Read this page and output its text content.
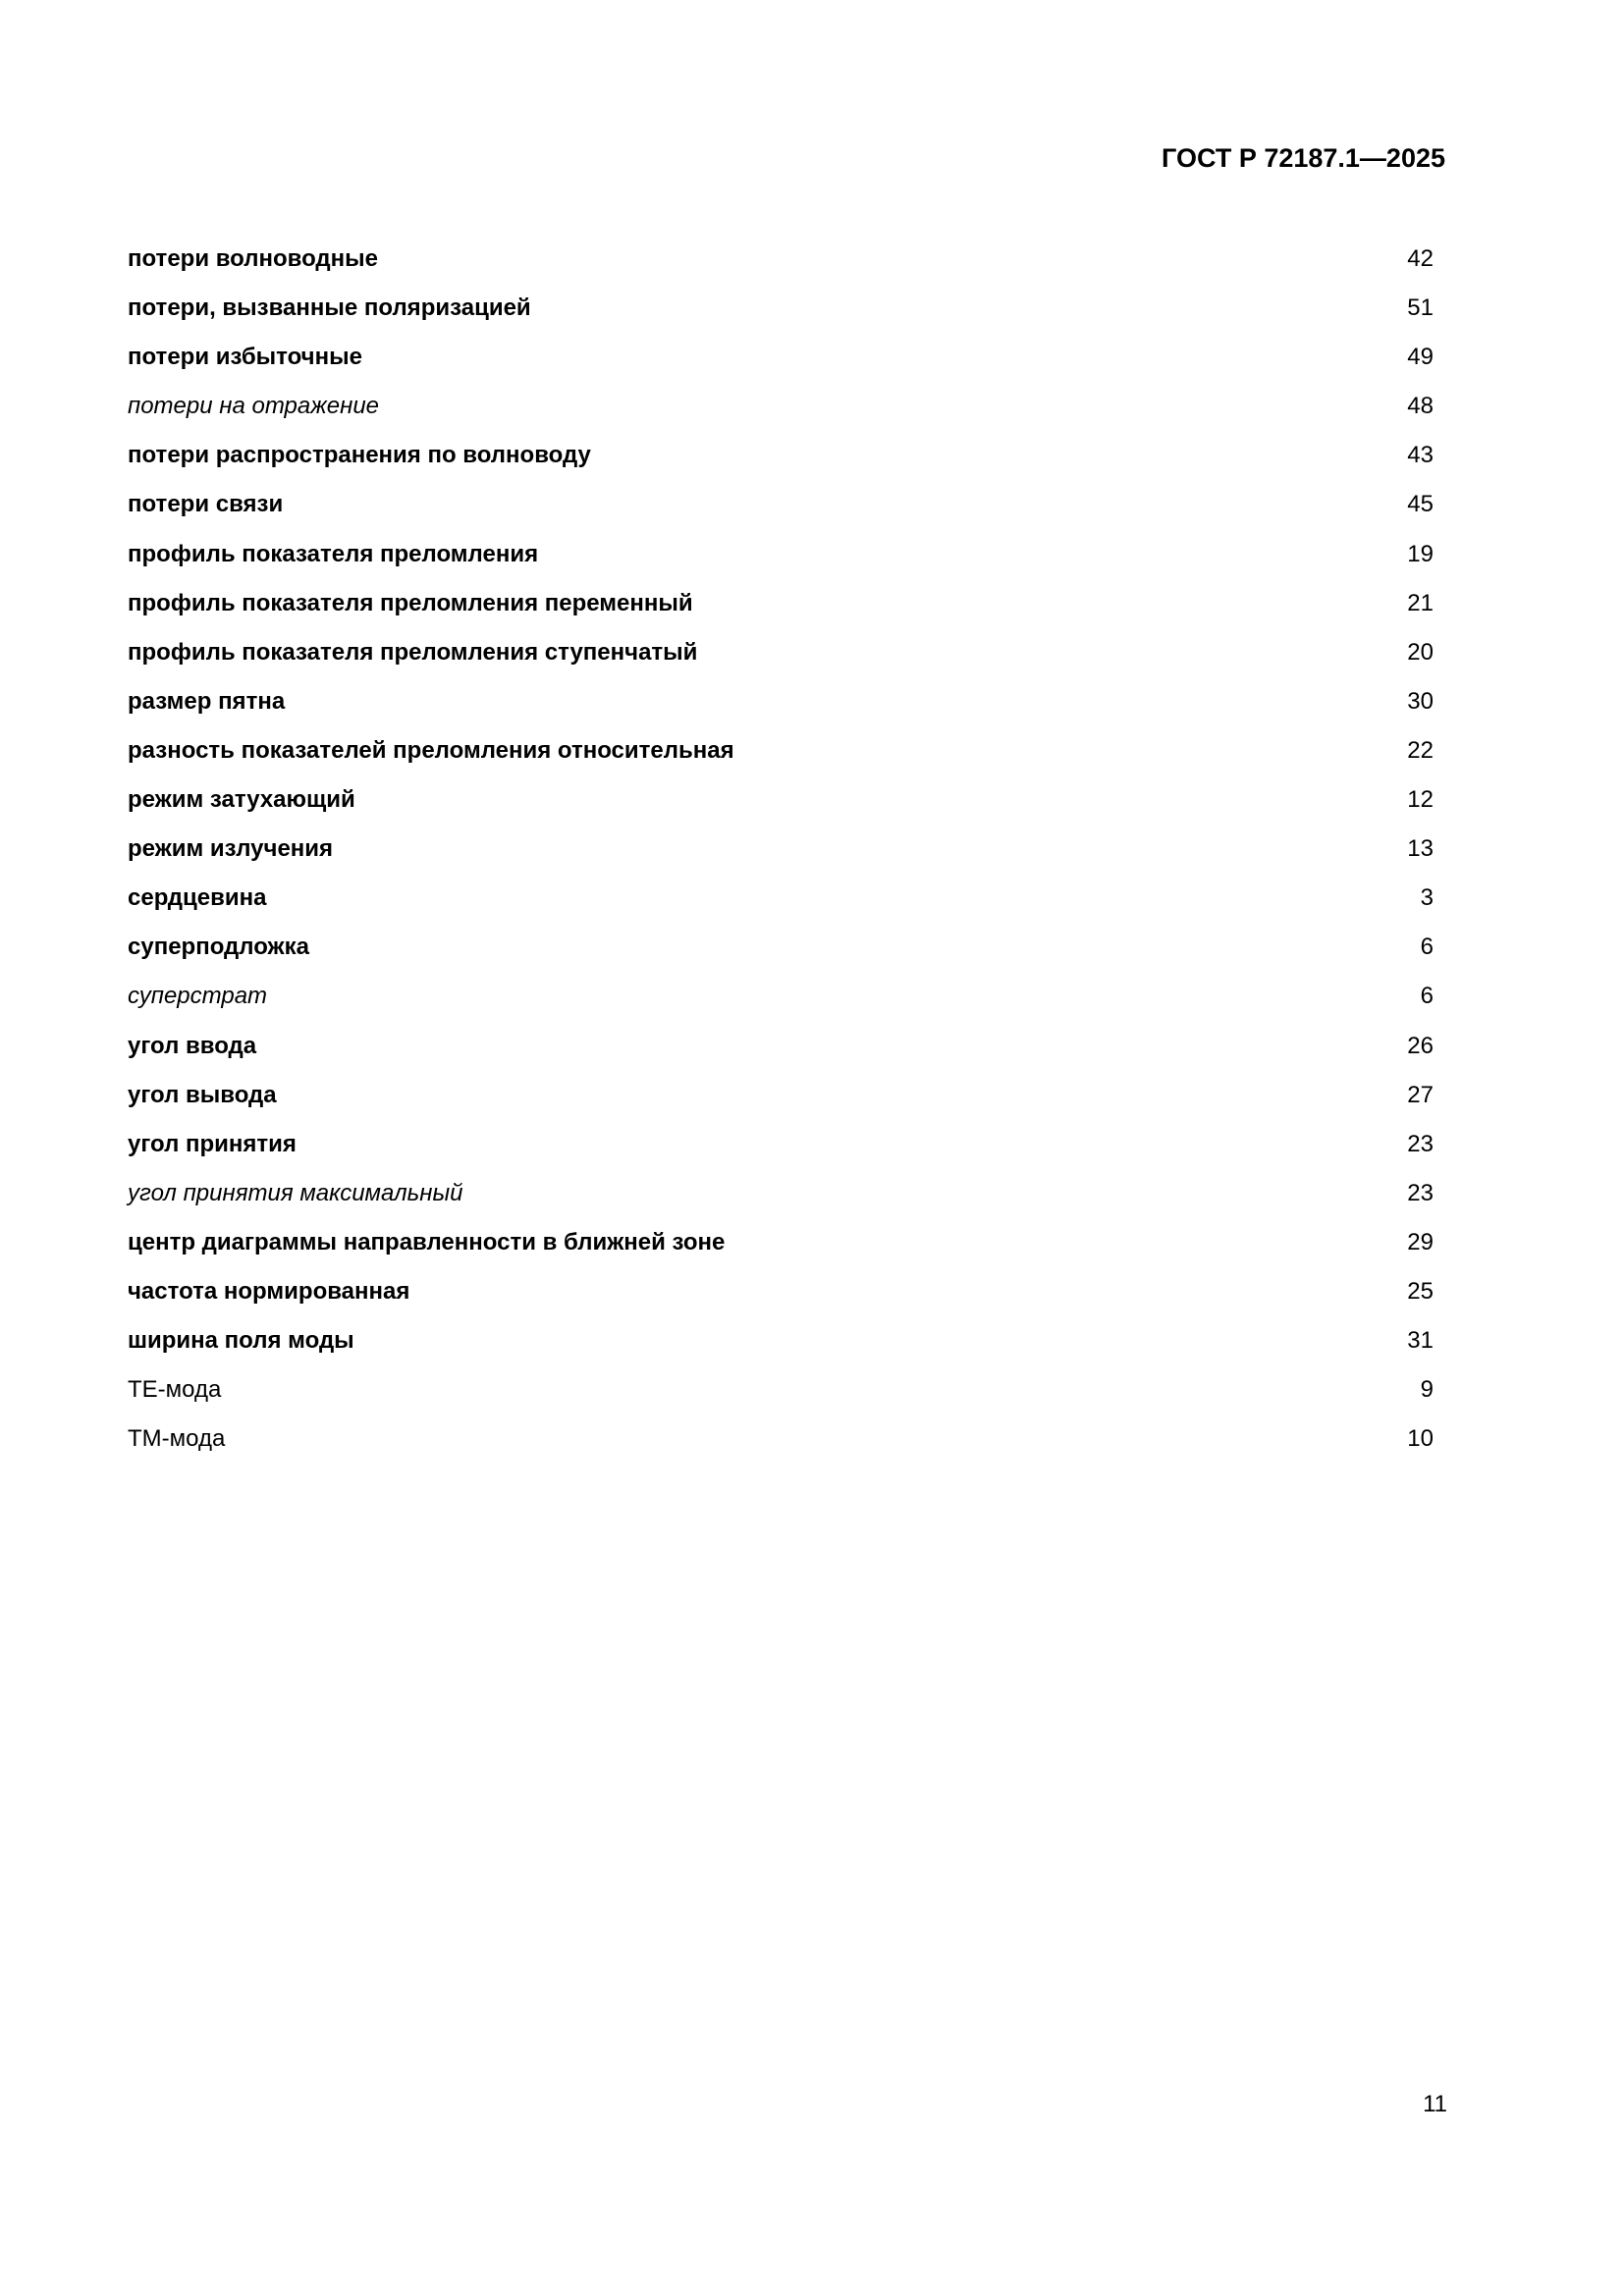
ГОСТ Р 72187.1—2025
потери волноводные	42
потери, вызванные поляризацией	51
потери избыточные	49
потери на отражение	48
потери распространения по волноводу	43
потери связи	45
профиль показателя преломления	19
профиль показателя преломления переменный	21
профиль показателя преломления ступенчатый	20
размер пятна	30
разность показателей преломления относительная	22
режим затухающий	12
режим излучения	13
сердцевина	3
суперподложка	6
суперстрат	6
угол ввода	26
угол вывода	27
угол принятия	23
угол принятия максимальный	23
центр диаграммы направленности в ближней зоне	29
частота нормированная	25
ширина поля моды	31
ТЕ-мода	9
ТМ-мода	10
11
